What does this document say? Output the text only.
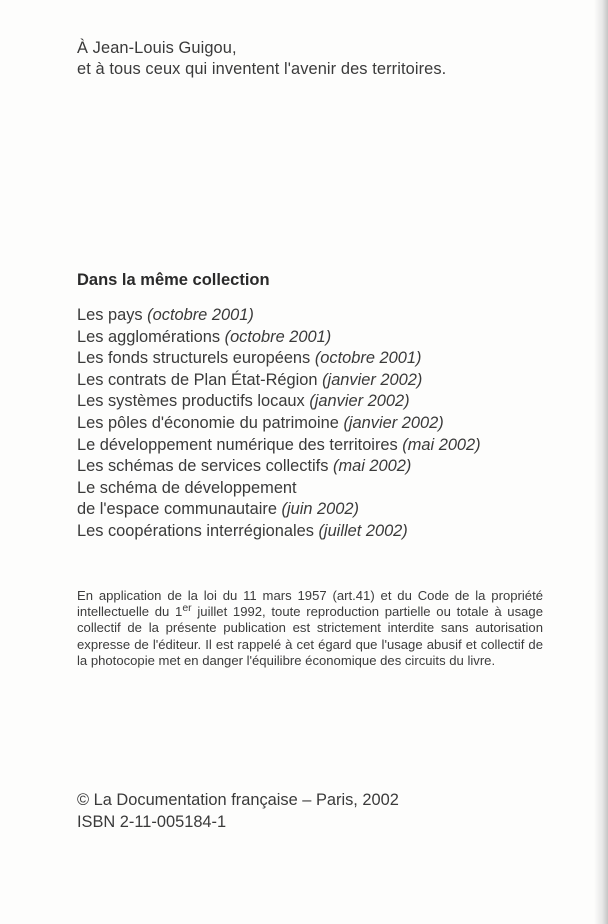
À Jean-Louis Guigou,
et à tous ceux qui inventent l'avenir des territoires.
Dans la même collection
Les pays (octobre 2001)
Les agglomérations (octobre 2001)
Les fonds structurels européens (octobre 2001)
Les contrats de Plan État-Région (janvier 2002)
Les systèmes productifs locaux (janvier 2002)
Les pôles d'économie du patrimoine (janvier 2002)
Le développement numérique des territoires (mai 2002)
Les schémas de services collectifs (mai 2002)
Le schéma de développement
de l'espace communautaire (juin 2002)
Les coopérations interrégionales (juillet 2002)

En application de la loi du 11 mars 1957 (art.41) et du Code de la propriété intellectuelle du 1er juillet 1992, toute reproduction partielle ou totale à usage collectif de la présente publication est strictement interdite sans autorisation expresse de l'éditeur. Il est rappelé à cet égard que l'usage abusif et collectif de la photocopie met en danger l'équilibre économique des circuits du livre.

© La Documentation française – Paris, 2002
ISBN 2-11-005184-1
